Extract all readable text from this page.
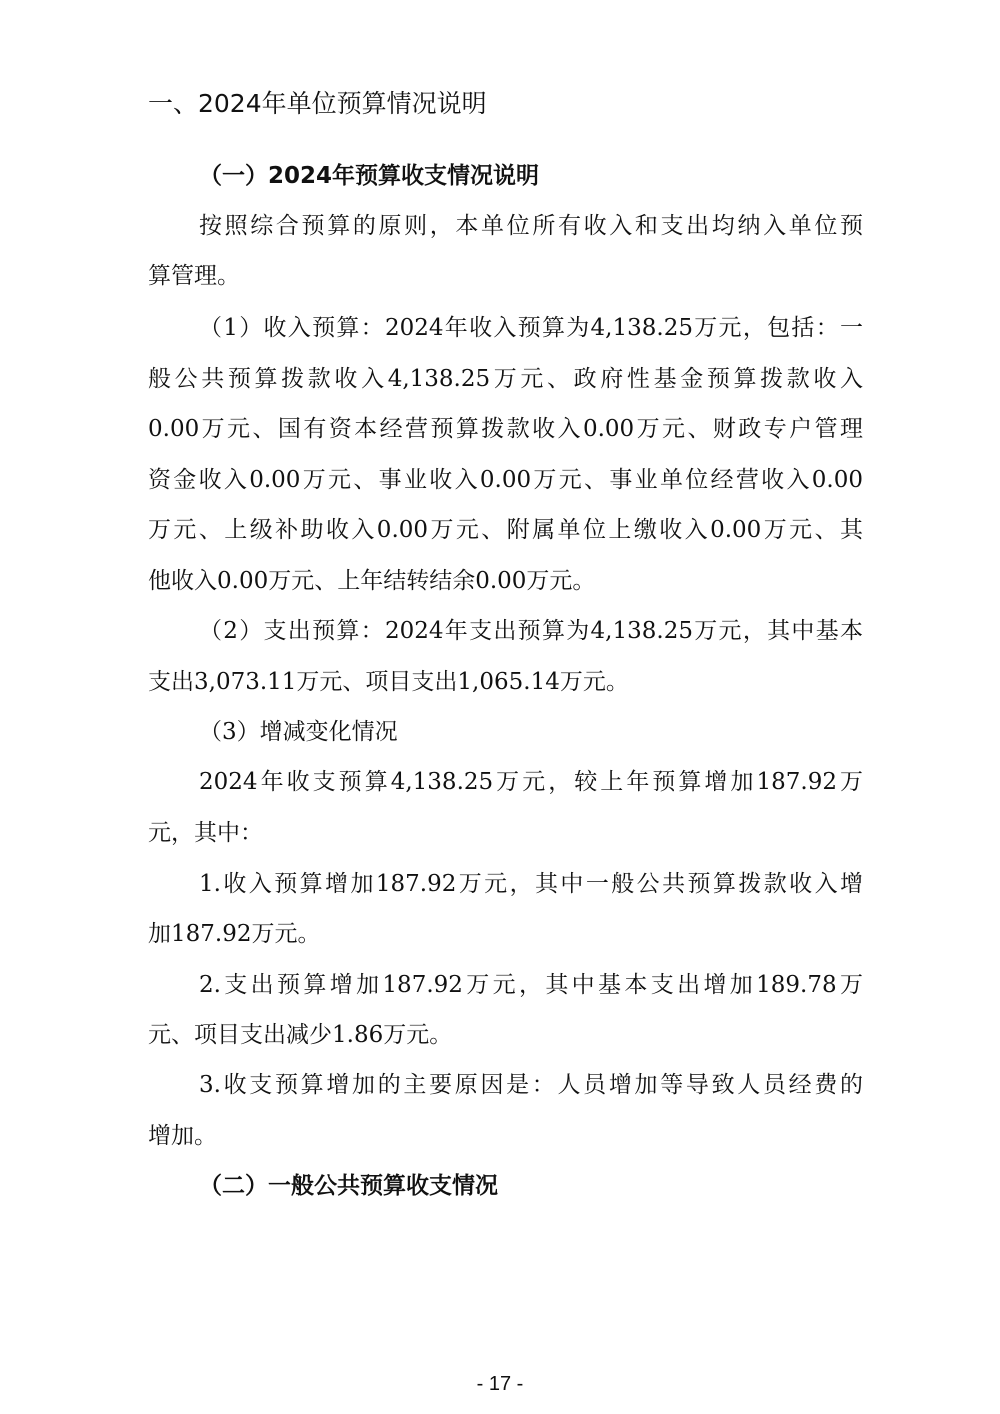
一、2024年单位预算情况说明
（一）2024年预算收支情况说明
按照综合预算的原则，本单位所有收入和支出均纳入单位预
算管理。
（1）收入预算：2024年收入预算为4,138.25万元，包括：一
般公共预算拨款收入4,138.25万元、政府性基金预算拨款收入
0.00万元、国有资本经营预算拨款收入0.00万元、财政专户管理
资金收入0.00万元、事业收入0.00万元、事业单位经营收入0.00
万元、上级补助收入0.00万元、附属单位上缴收入0.00万元、其
他收入0.00万元、上年结转结余0.00万元。
（2）支出预算：2024年支出预算为4,138.25万元，其中基本
支出3,073.11万元、项目支出1,065.14万元。
（3）增减变化情况
2024年收支预算4,138.25万元，较上年预算增加187.92万
元，其中：
1.收入预算增加187.92万元，其中一般公共预算拨款收入增
加187.92万元。
2.支出预算增加187.92万元，其中基本支出增加189.78万
元、项目支出减少1.86万元。
3.收支预算增加的主要原因是：人员增加等导致人员经费的
增加。
（二）一般公共预算收支情况
- 17 -
